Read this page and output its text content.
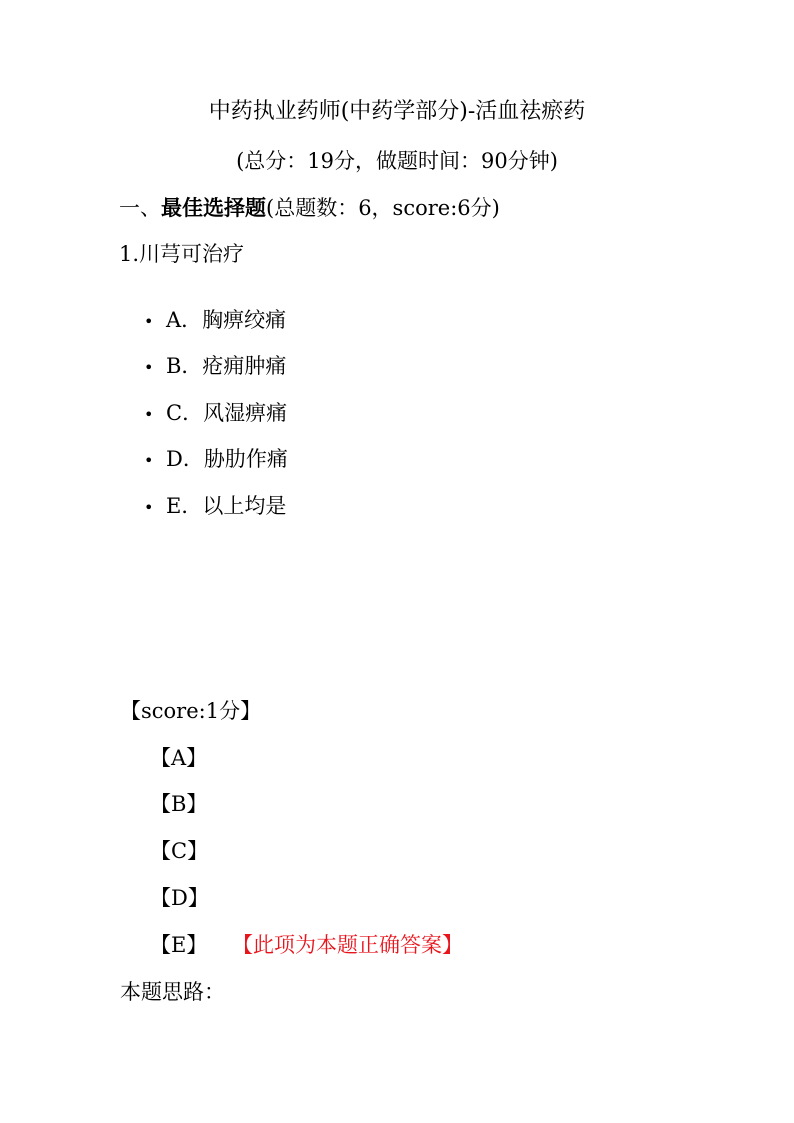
中药执业药师(中药学部分)-活血祛瘀药
(总分：19分，做题时间：90分钟)
一、最佳选择题(总题数：6，score:6分)
1.川芎可治疗
• A．胸痹绞痛
• B．疮痈肿痛
• C．风湿痹痛
• D．胁肋作痛
• E．以上均是
【score:1分】
【A】
【B】
【C】
【D】
【E】 【此项为本题正确答案】
本题思路：
